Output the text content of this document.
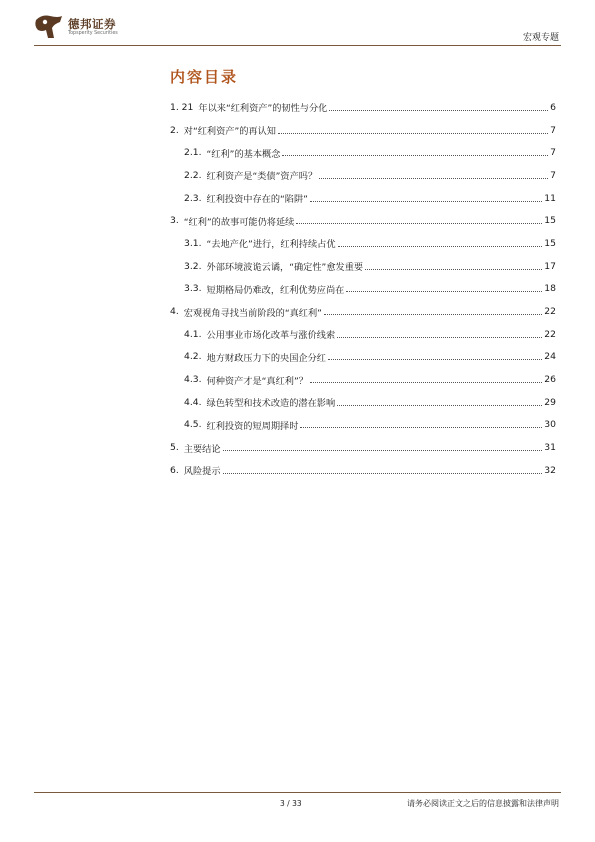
德邦证券
Topsperity Securities	宏观专题
内容目录
1. 21 年以来“红利资产”的韧性与分化	6
2. 对“红利资产”的再认知	7
2.1. “红利”的基本概念	7
2.2. 红利资产是“类债”资产吗？	7
2.3. 红利投资中存在的“陷阱”	11
3. “红利”的故事可能仍将延续	15
3.1. “去地产化”进行，红利持续占优	15
3.2. 外部环境波诡云谲，“确定性”愈发重要	17
3.3. 短期格局仍难改，红利优势应尚在	18
4. 宏观视角寻找当前阶段的“真红利”	22
4.1. 公用事业市场化改革与涨价线索	22
4.2. 地方财政压力下的央国企分红	24
4.3. 何种资产才是“真红利”？	26
4.4. 绿色转型和技术改造的潜在影响	29
4.5. 红利投资的短周期择时	30
5. 主要结论	31
6. 风险提示	32
3 / 33	请务必阅读正文之后的信息披露和法律声明
